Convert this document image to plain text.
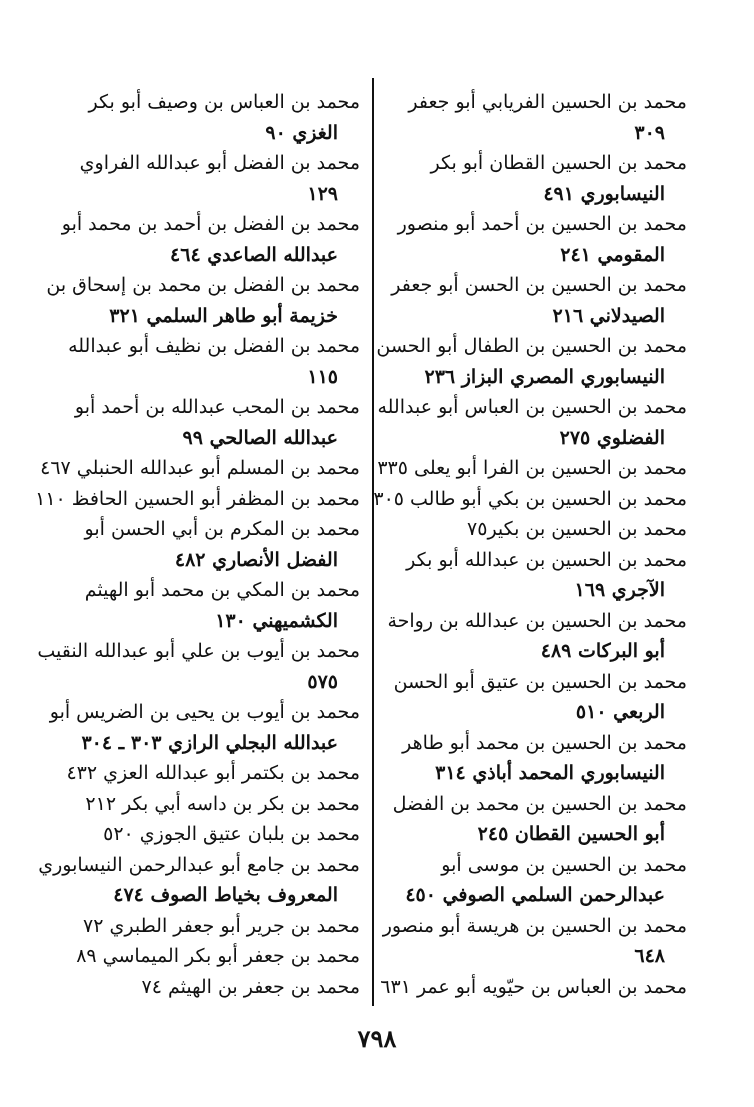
محمد بن الحسين الفريابي أبو جعفر
٣٠٩
محمد بن الحسين القطان أبو بكر
النيسابوري ٤٩١
محمد بن الحسين بن أحمد أبو منصور
المقومي ٢٤١
محمد بن الحسين بن الحسن أبو جعفر
الصيدلاني ٢١٦
محمد بن الحسين بن الطفال أبو الحسن
النيسابوري المصري البزاز ٢٣٦
محمد بن الحسين بن العباس أبو عبدالله
الفضلوي ٢٧٥
محمد بن الحسين بن الفرا أبو يعلى ٣٣٥
محمد بن الحسين بن بكي أبو طالب ٣٠٥
محمد بن الحسين بن بكير٧٥
محمد بن الحسين بن عبدالله أبو بكر
الآجري ١٦٩
محمد بن الحسين بن عبدالله بن رواحة
أبو البركات ٤٨٩
محمد بن الحسين بن عتيق أبو الحسن
الربعي ٥١٠
محمد بن الحسين بن محمد أبو طاهر
النيسابوري المحمد أباذي ٣١٤
محمد بن الحسين بن محمد بن الفضل
أبو الحسين القطان ٢٤٥
محمد بن الحسين بن موسى أبو
عبدالرحمن السلمي الصوفي ٤٥٠
محمد بن الحسين بن هريسة أبو منصور
٦٤٨
محمد بن العباس بن حيّويه أبو عمر ٦٣١
محمد بن العباس بن وصيف أبو بكر
الغزي ٩٠
محمد بن الفضل أبو عبدالله الفراوي
١٢٩
محمد بن الفضل بن أحمد بن محمد أبو
عبدالله الصاعدي ٤٦٤
محمد بن الفضل بن محمد بن إسحاق بن
خزيمة أبو طاهر السلمي ٣٢١
محمد بن الفضل بن نظيف أبو عبدالله
١١٥
محمد بن المحب عبدالله بن أحمد أبو
عبدالله الصالحي ٩٩
محمد بن المسلم أبو عبدالله الحنبلي ٤٦٧
محمد بن المظفر أبو الحسين الحافظ ١١٠
محمد بن المكرم بن أبي الحسن أبو
الفضل الأنصاري ٤٨٢
محمد بن المكي بن محمد أبو الهيثم
الكشميهني ١٣٠
محمد بن أيوب بن علي أبو عبدالله النقيب
٥٧٥
محمد بن أيوب بن يحيى بن الضريس أبو
عبدالله البجلي الرازي ٣٠٣ ـ ٣٠٤
محمد بن بكتمر أبو عبدالله العزي ٤٣٢
محمد بن بكر بن داسه أبي بكر ٢١٢
محمد بن بلبان عتيق الجوزي ٥٢٠
محمد بن جامع أبو عبدالرحمن النيسابوري
المعروف بخياط الصوف ٤٧٤
محمد بن جرير أبو جعفر الطبري ٧٢
محمد بن جعفر أبو بكر الميماسي ٨٩
محمد بن جعفر بن الهيثم ٧٤
٧٩٨
